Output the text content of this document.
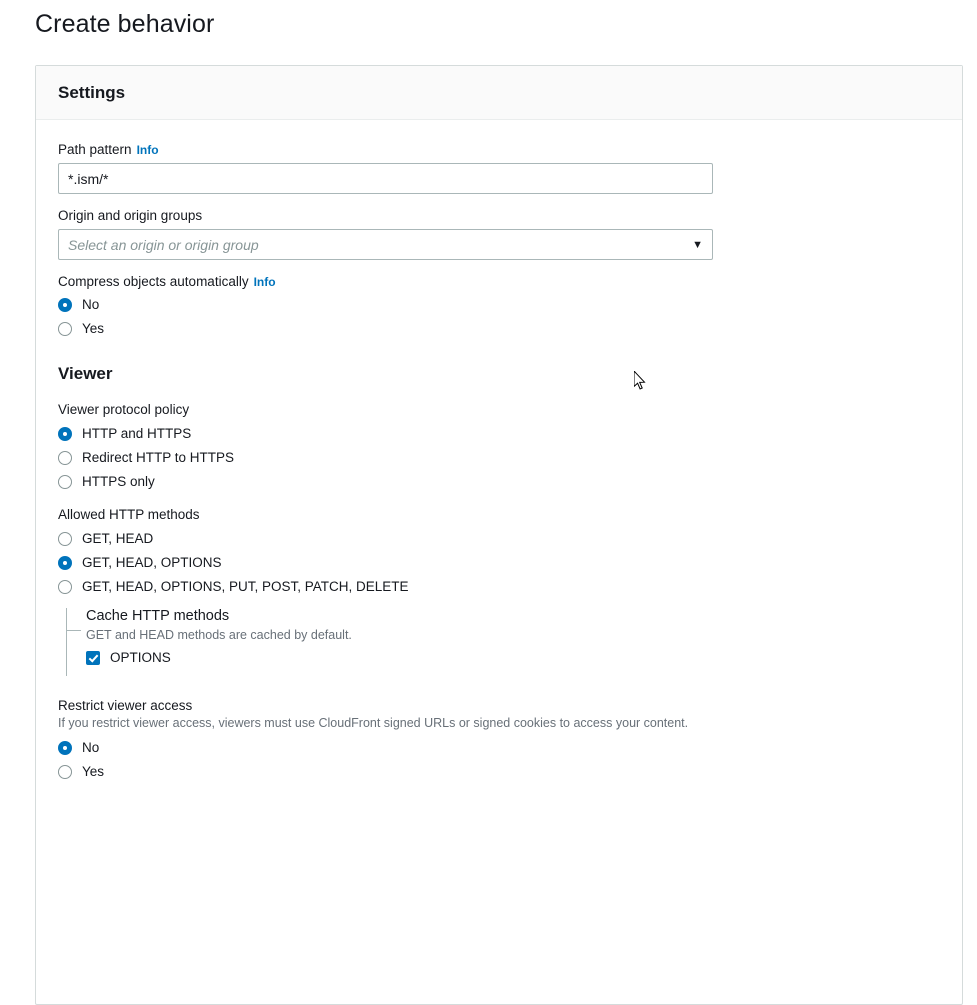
Create behavior
Settings
Path pattern Info
*.ism/*
Origin and origin groups
Select an origin or origin group	▼
Compress objects automatically Info
No
Yes
Viewer
Viewer protocol policy
HTTP and HTTPS
Redirect HTTP to HTTPS
HTTPS only
Allowed HTTP methods
GET, HEAD
GET, HEAD, OPTIONS
GET, HEAD, OPTIONS, PUT, POST, PATCH, DELETE
Cache HTTP methods
GET and HEAD methods are cached by default.
OPTIONS
Restrict viewer access
If you restrict viewer access, viewers must use CloudFront signed URLs or signed cookies to access your content.
No
Yes
